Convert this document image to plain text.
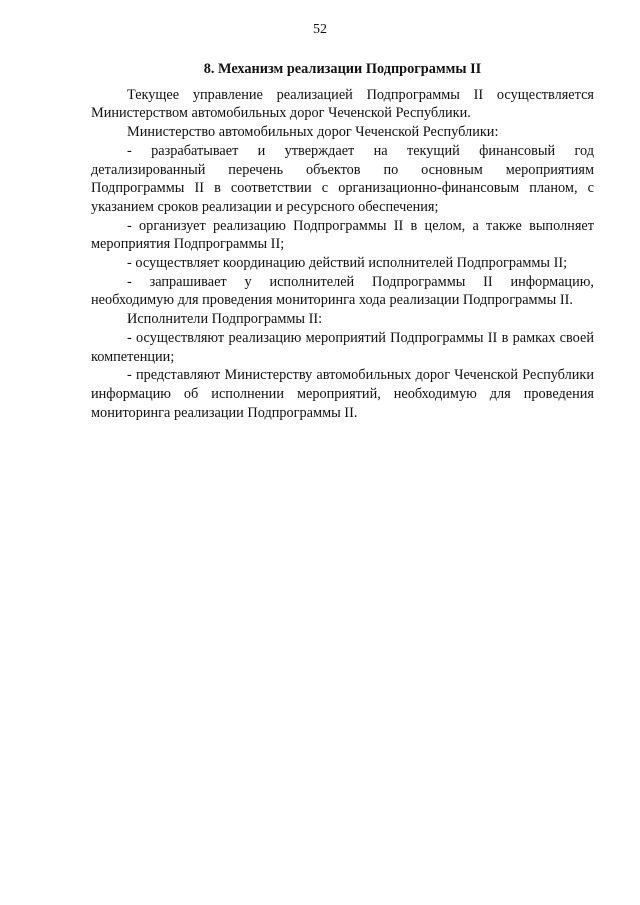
52

8. Механизм реализации Подпрограммы II

Текущее управление реализацией Подпрограммы II осуществляется Министерством автомобильных дорог Чеченской Республики.

Министерство автомобильных дорог Чеченской Республики:

- разрабатывает и утверждает на текущий финансовый год детализированный перечень объектов по основным мероприятиям Подпрограммы II в соответствии с организационно-финансовым планом, с указанием сроков реализации и ресурсного обеспечения;

- организует реализацию Подпрограммы II в целом, а также выполняет мероприятия Подпрограммы II;

- осуществляет координацию действий исполнителей Подпрограммы II;

- запрашивает у исполнителей Подпрограммы II информацию, необходимую для проведения мониторинга хода реализации Подпрограммы II.

Исполнители Подпрограммы II:

- осуществляют реализацию мероприятий Подпрограммы II в рамках своей компетенции;

- представляют Министерству автомобильных дорог Чеченской Республики информацию об исполнении мероприятий, необходимую для проведения мониторинга реализации Подпрограммы II.
